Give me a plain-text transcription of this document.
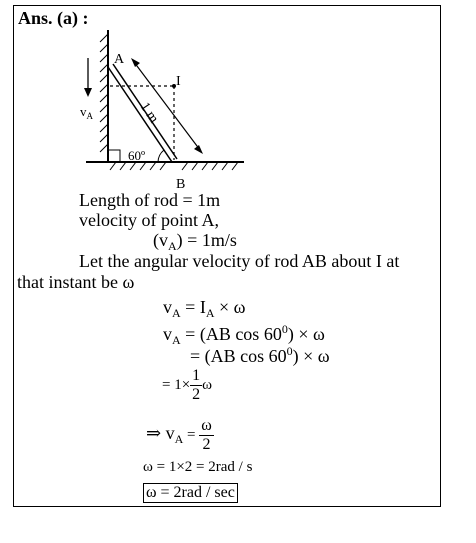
Ans. (a) :
A
I
B
$v_A$	1 m
60º
Length of rod = 1m
velocity of point A,
$(v_A) = 1m/s$
Let the angular velocity of rod AB about I at
that instant be ω
$v_A = I_A \times \omega$
$v_A = (AB$ $\cos 60^0) \times \omega$
= (AB $\cos 60^0) \times \omega$
= $1\times \frac{1}{2}$ ω
⇒ $v_A = \frac{\omega}{2}$
ω = 1×2 = 2rad / s
ω = 2rad / sec
